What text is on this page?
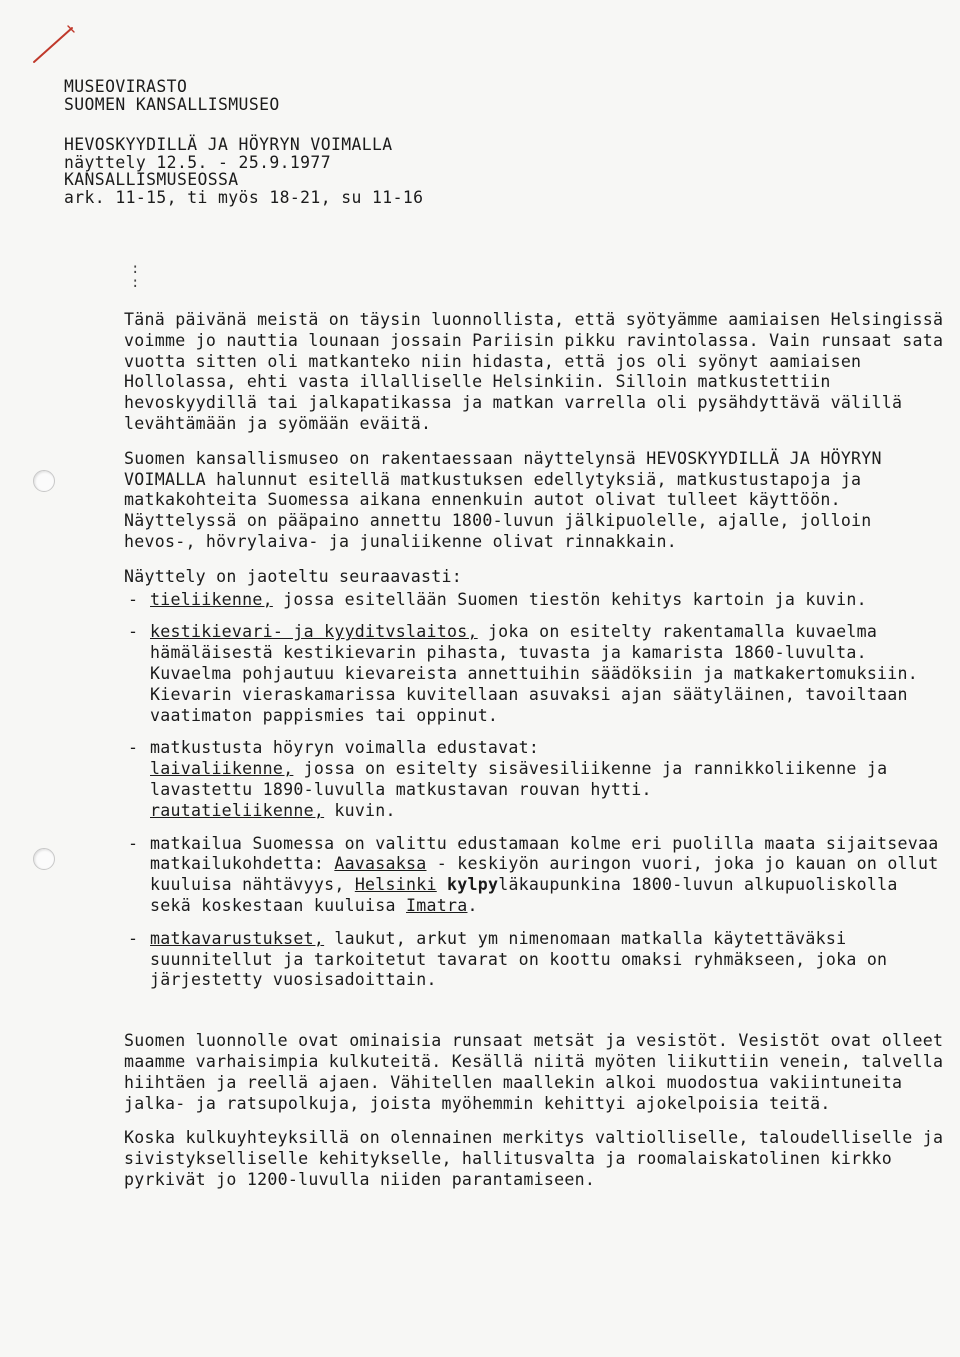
MUSEOVIRASTO
SUOMEN KANSALLISMUSEO
HEVOSKYYDILLÄ JA HÖYRYN VOIMALLA
näyttely 12.5. - 25.9.1977
KANSALLISMUSEOSSA
ark. 11-15, ti myös 18-21, su 11-16
:
:

Tänä päivänä meistä on täysin luonnollista, että syötyämme aamiaisen Helsingissä voimme jo nauttia lounaan jossain Pariisin pikku ravintolassa. Vain runsaat sata vuotta sitten oli matkanteko niin hidasta, että jos oli syönyt aamiaisen Hollolassa, ehti vasta illalliselle Helsinkiin. Silloin matkustettiin hevoskyydillä tai jalkapatikassa ja matkan varrella oli pysähdyttävä välillä levähtämään ja syömään eväitä.

Suomen kansallismuseo on rakentaessaan näyttelynsä HEVOSKYYDILLÄ JA HÖYRYN VOIMALLA halunnut esitellä matkustuksen edellytyksiä, matkustustapoja ja matkakohteita Suomessa aikana ennenkuin autot olivat tulleet käyttöön. Näyttelyssä on pääpaino annettu 1800-luvun jälkipuolelle, ajalle, jolloin hevos-, hövrylaiva- ja junaliikenne olivat rinnakkain.

Näyttely on jaoteltu seuraavasti:

- tieliikenne, jossa esitellään Suomen tiestön kehitys kartoin ja kuvin.
- kestikievari- ja kyyditvslaitos, joka on esitelty rakentamalla kuvaelma hämäläisestä kestikievarin pihasta, tuvasta ja kamarista 1860-luvulta. Kuvaelma pohjautuu kievareista annettuihin säädöksiin ja matkakertomuksiin. Kievarin vieraskamarissa kuvitellaan asuvaksi ajan säätyläinen, tavoiltaan vaatimaton pappismies tai oppinut.
- matkustusta höyryn voimalla edustavat:
laivaliikenne, jossa on esitelty sisävesiliikenne ja rannikkoliikenne ja lavastettu 1890-luvulla matkustavan rouvan hytti.
rautatieliikenne, kuvin.
- matkailua Suomessa on valittu edustamaan kolme eri puolilla maata sijaitsevaa matkailukohdetta: Aavasaksa - keskiyön auringon vuori, joka jo kauan on ollut kuuluisa nähtävyys, Helsinki kylpyläkaupunkina 1800-luvun alkupuoliskolla sekä koskestaan kuuluisa Imatra.
- matkavarustukset, laukut, arkut ym nimenomaan matkalla käytettäväksi suunnitellut ja tarkoitetut tavarat on koottu omaksi ryhmäkseen, joka on järjestetty vuosisadoittain.

Suomen luonnolle ovat ominaisia runsaat metsät ja vesistöt. Vesistöt ovat olleet maamme varhaisimpia kulkuteitä. Kesällä niitä myöten liikuttiin venein, talvella hiihtäen ja reellä ajaen. Vähitellen maallekin alkoi muodostua vakiintuneita jalka- ja ratsupolkuja, joista myöhemmin kehittyi ajokelpoisia teitä.

Koska kulkuyhteyksillä on olennainen merkitys valtiolliselle, taloudelliselle ja sivistykselliselle kehitykselle, hallitusvalta ja roomalaiskatolinen kirkko pyrkivät jo 1200-luvulla niiden parantamiseen.
